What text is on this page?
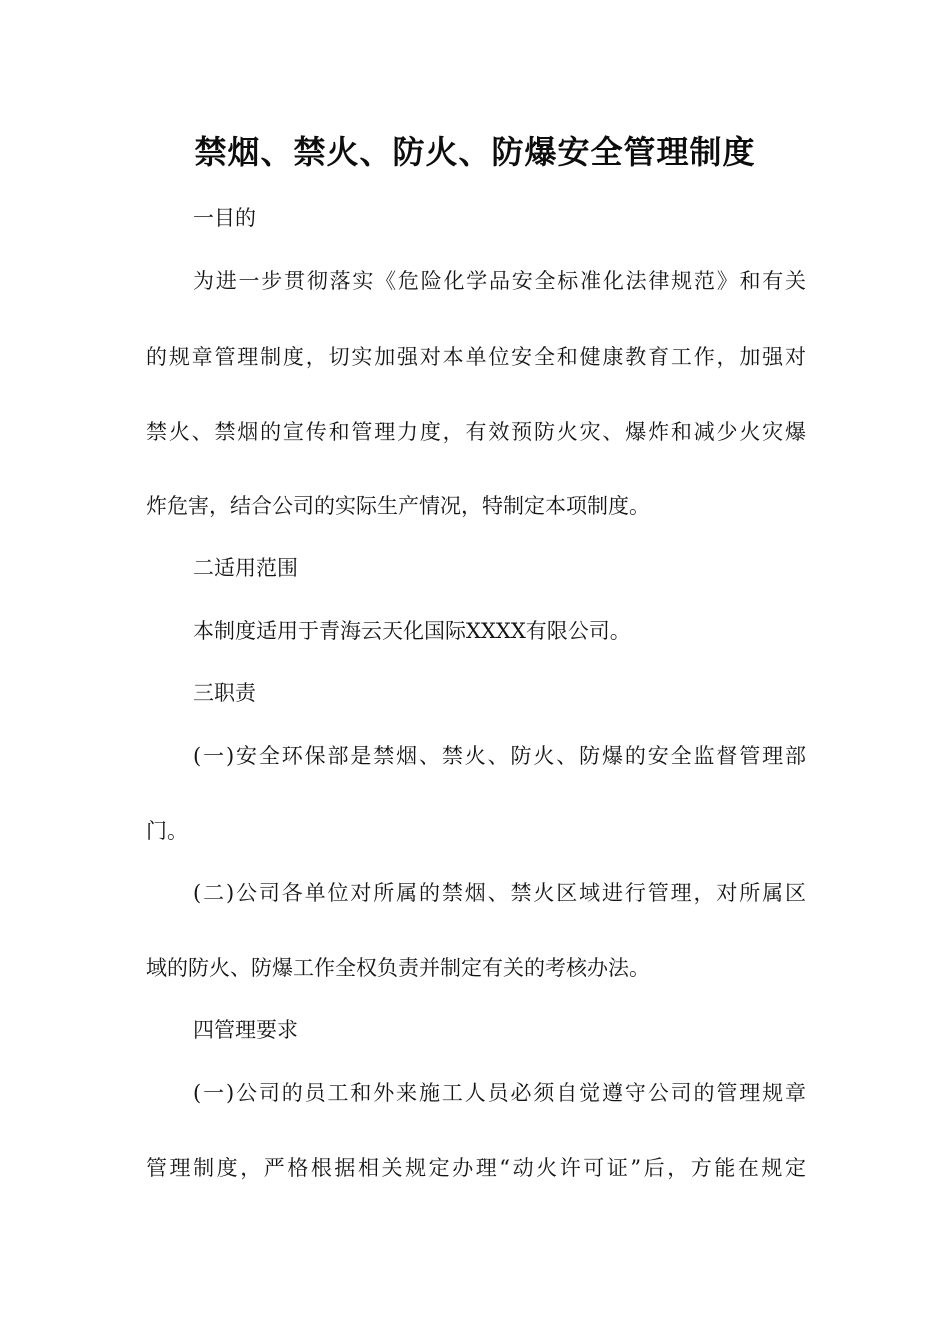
禁烟、禁火、防火、防爆安全管理制度
一目的
为进一步贯彻落实《危险化学品安全标准化法律规范》和有关
的规章管理制度，切实加强对本单位安全和健康教育工作，加强对
禁火、禁烟的宣传和管理力度，有效预防火灾、爆炸和减少火灾爆
炸危害，结合公司的实际生产情况，特制定本项制度。
二适用范围
本制度适用于青海云天化国际XXXX有限公司。
三职责
(一)安全环保部是禁烟、禁火、防火、防爆的安全监督管理部
门。
(二)公司各单位对所属的禁烟、禁火区域进行管理，对所属区
域的防火、防爆工作全权负责并制定有关的考核办法。
四管理要求
(一)公司的员工和外来施工人员必须自觉遵守公司的管理规章
管理制度，严格根据相关规定办理“动火许可证”后，方能在规定
